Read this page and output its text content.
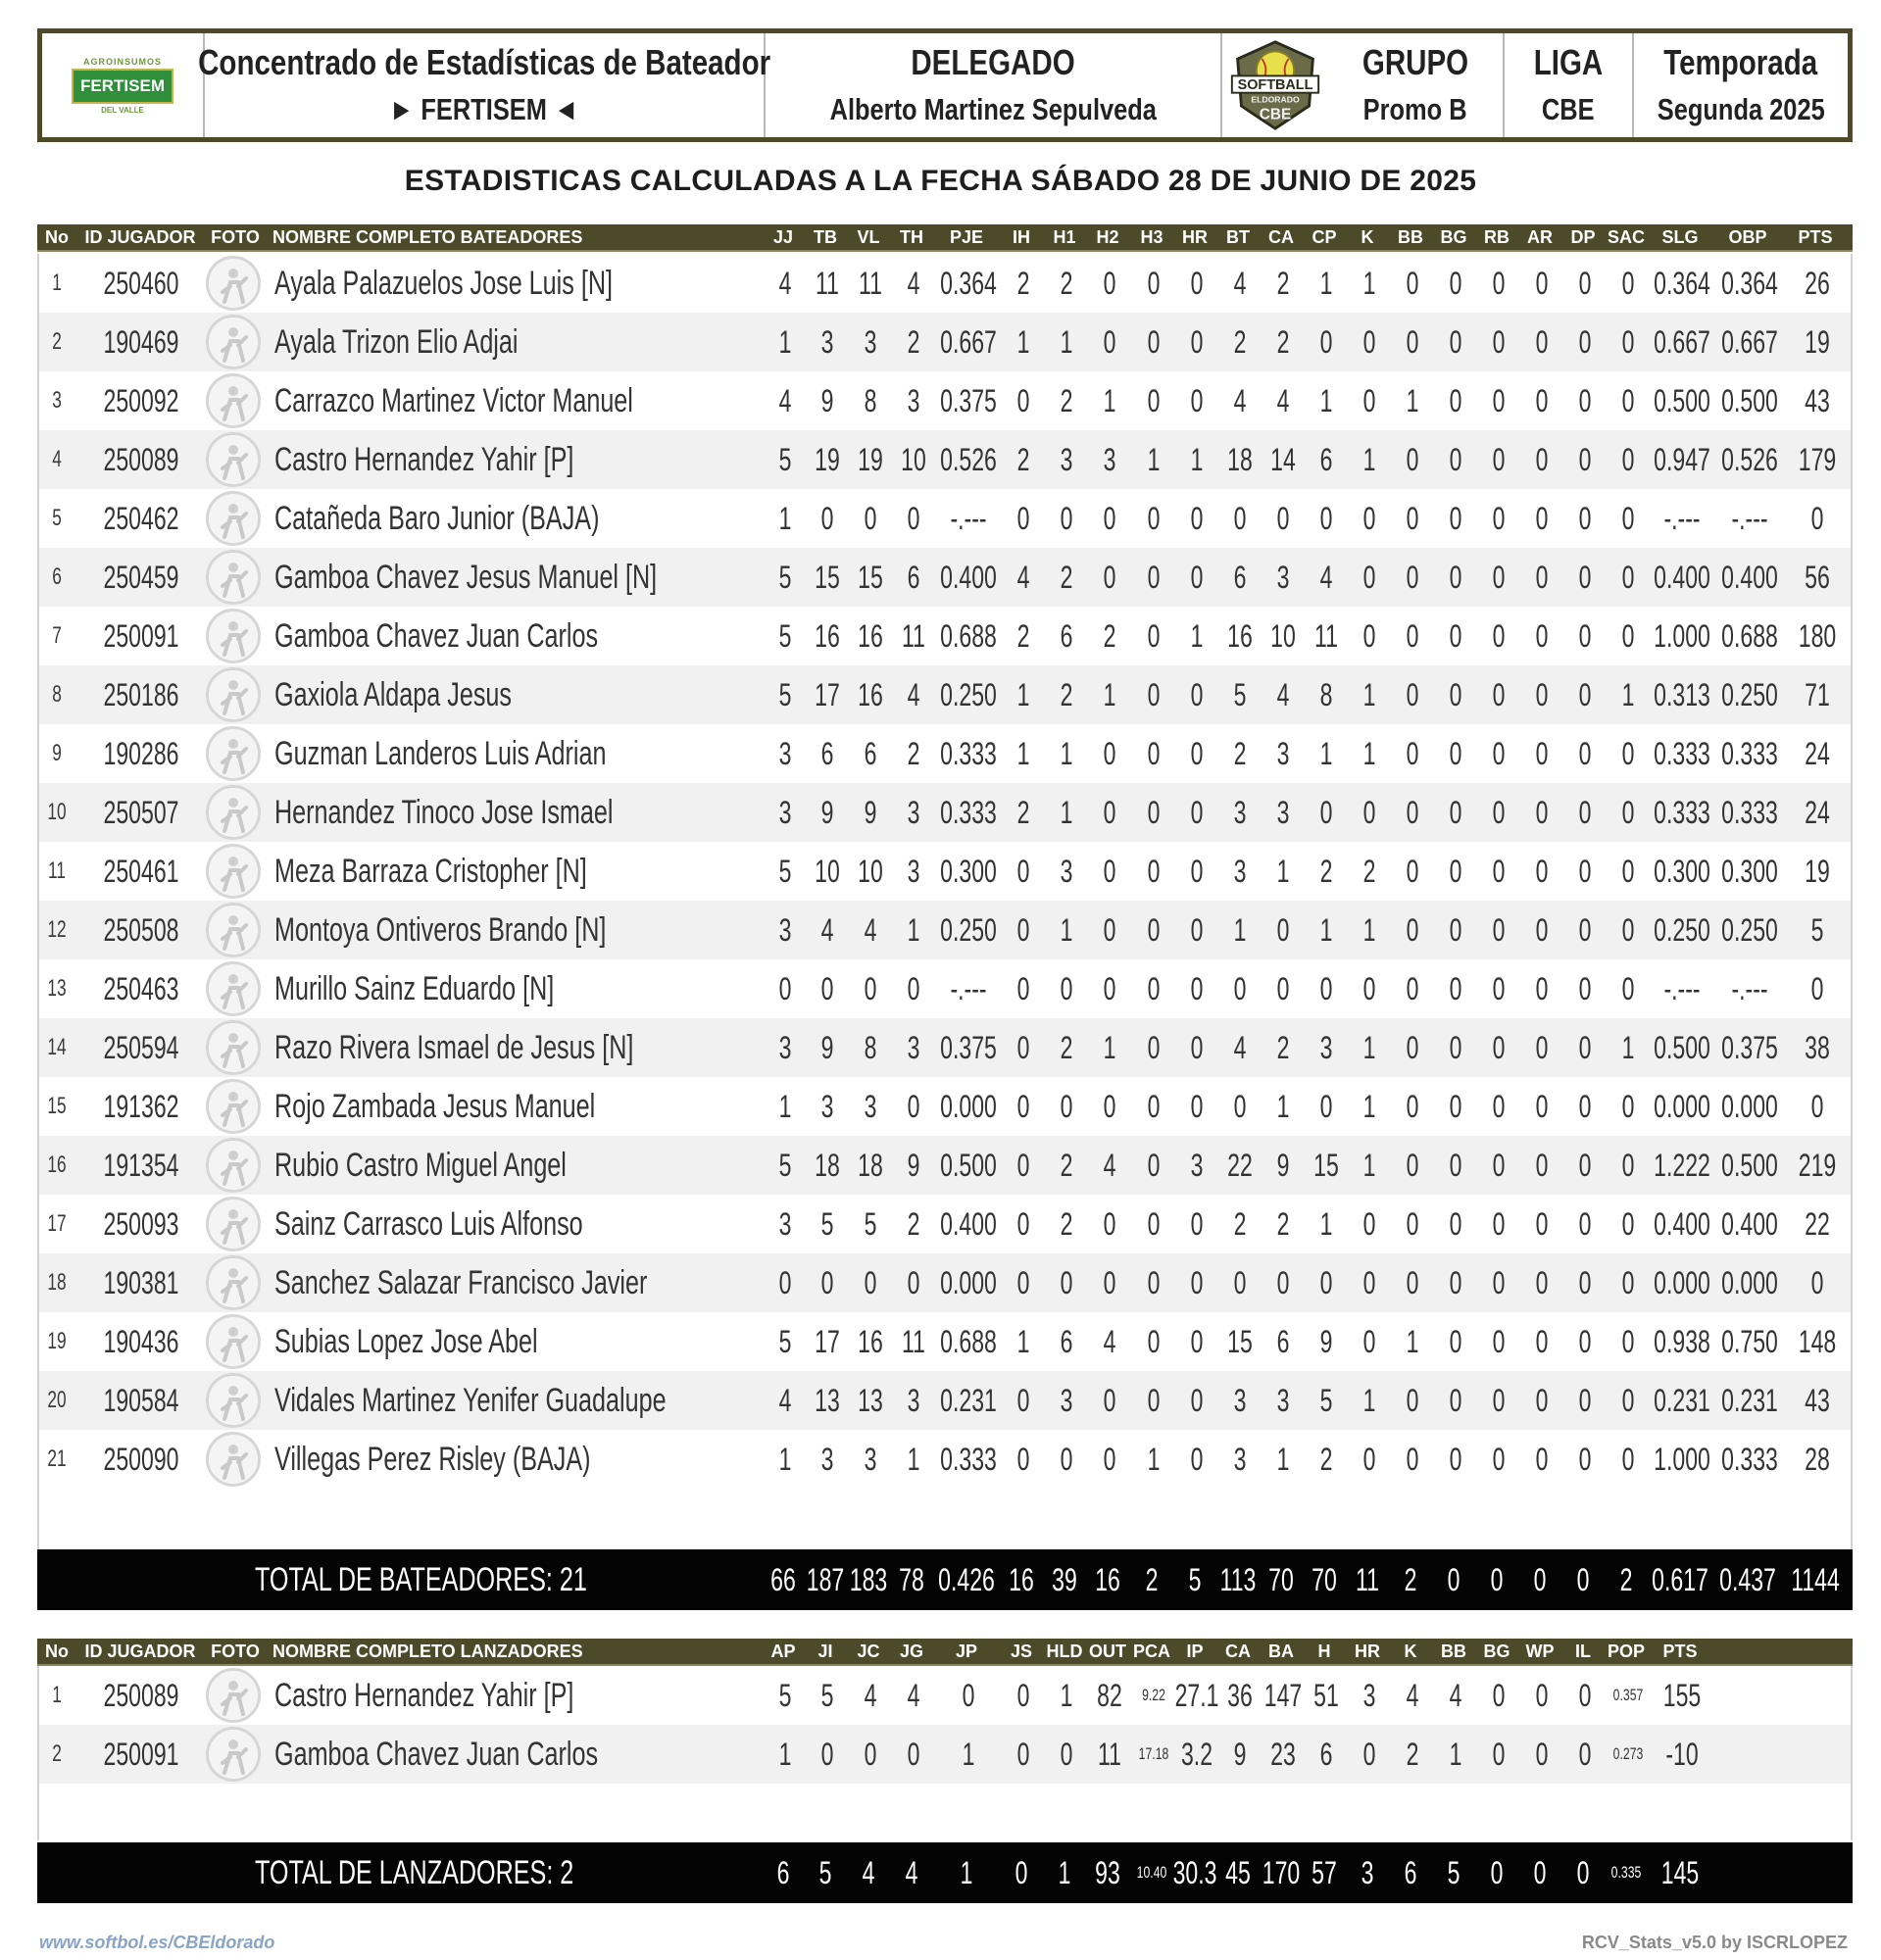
AGROINSUMOS
FERTISEM
DEL VALLE
Concentrado de Estadísticas de Bateador
► FERTISEM ◄
DELEGADO
Alberto Martinez Sepulveda
SOFTBALL
ELDORADO
CBE
GRUPO
Promo B
LIGA
CBE
Temporada
Segunda 2025
ESTADISTICAS CALCULADAS A LA FECHA SÁBADO 28 DE JUNIO DE 2025
No ID JUGADOR FOTO NOMBRE COMPLETO BATEADORES	JJ TB VL TH PJE IH H1 H2 H3 HR BT CA CP K BB BG RB AR DP SAC SLG OBP PTS
1 250460	Ayala Palazuelos Jose Luis [N]	4 11 11 4 0.364 2 2 0 0 0 4 2 1 1 0 0 0 0 0 0 0.364 0.364 26
2 190469	Ayala Trizon Elio Adjai	1 3 3 2 0.667 1 1 0 0 0 2 2 0 0 0 0 0 0 0 0 0.667 0.667 19
3 250092	Carrazco Martinez Victor Manuel	4 9 8 3 0.375 0 2 1 0 0 4 4 1 0 1 0 0 0 0 0 0.500 0.500 43
4 250089	Castro Hernandez Yahir [P]	5 19 19 10 0.526 2 3 3 1 1 18 14 6 1 0 0 0 0 0 0 0.947 0.526 179
5 250462	Catañeda Baro Junior (BAJA)	1 0 0 0 -.--- 0 0 0 0 0 0 0 0 0 0 0 0 0 0 0 -.--- -.--- 0
6 250459	Gamboa Chavez Jesus Manuel [N]	5 15 15 6 0.400 4 2 0 0 0 6 3 4 0 0 0 0 0 0 0 0.400 0.400 56
7 250091	Gamboa Chavez Juan Carlos	5 16 16 11 0.688 2 6 2 0 1 16 10 11 0 0 0 0 0 0 0 1.000 0.688 180
8 250186	Gaxiola Aldapa Jesus	5 17 16 4 0.250 1 2 1 0 0 5 4 8 1 0 0 0 0 0 1 0.313 0.250 71
9 190286	Guzman Landeros Luis Adrian	3 6 6 2 0.333 1 1 0 0 0 2 3 1 1 0 0 0 0 0 0 0.333 0.333 24
10 250507	Hernandez Tinoco Jose Ismael	3 9 9 3 0.333 2 1 0 0 0 3 3 0 0 0 0 0 0 0 0 0.333 0.333 24
11 250461	Meza Barraza Cristopher [N]	5 10 10 3 0.300 0 3 0 0 0 3 1 2 2 0 0 0 0 0 0 0.300 0.300 19
12 250508	Montoya Ontiveros Brando [N]	3 4 4 1 0.250 0 1 0 0 0 1 0 1 1 0 0 0 0 0 0 0.250 0.250 5
13 250463	Murillo Sainz Eduardo [N]	0 0 0 0 -.--- 0 0 0 0 0 0 0 0 0 0 0 0 0 0 0 -.--- -.--- 0
14 250594	Razo Rivera Ismael de Jesus [N]	3 9 8 3 0.375 0 2 1 0 0 4 2 3 1 0 0 0 0 0 1 0.500 0.375 38
15 191362	Rojo Zambada Jesus Manuel	1 3 3 0 0.000 0 0 0 0 0 0 1 0 1 0 0 0 0 0 0 0.000 0.000 0
16 191354	Rubio Castro Miguel Angel	5 18 18 9 0.500 0 2 4 0 3 22 9 15 1 0 0 0 0 0 0 1.222 0.500 219
17 250093	Sainz Carrasco Luis Alfonso	3 5 5 2 0.400 0 2 0 0 0 2 2 1 0 0 0 0 0 0 0 0.400 0.400 22
18 190381	Sanchez Salazar Francisco Javier	0 0 0 0 0.000 0 0 0 0 0 0 0 0 0 0 0 0 0 0 0 0.000 0.000 0
19 190436	Subias Lopez Jose Abel	5 17 16 11 0.688 1 6 4 0 0 15 6 9 0 1 0 0 0 0 0 0.938 0.750 148
20 190584	Vidales Martinez Yenifer Guadalupe	4 13 13 3 0.231 0 3 0 0 0 3 3 5 1 0 0 0 0 0 0 0.231 0.231 43
21 250090	Villegas Perez Risley (BAJA)	1 3 3 1 0.333 0 0 0 1 0 3 1 2 0 0 0 0 0 0 0 1.000 0.333 28
TOTAL DE BATEADORES: 21	66 187 183 78 0.426 16 39 16 2 5 113 70 70 11 2 0 0 0 0 2 0.617 0.437 1144
No ID JUGADOR FOTO NOMBRE COMPLETO LANZADORES	AP JI JC JG JP JS HLD OUT PCA IP CA BA H HR K BB BG WP IL POP PTS
1 250089	Castro Hernandez Yahir [P]	5 5 4 4 0 0 1 82 9.22 27.1 36 147 51 3 4 4 0 0 0 0.357 155
2 250091	Gamboa Chavez Juan Carlos	1 0 0 0 1 0 0 11 17.18 3.2 9 23 6 0 2 1 0 0 0 0.273 -10
TOTAL DE LANZADORES: 2	6 5 4 4 1 0 1 93 10.40 30.3 45 170 57 3 6 5 0 0 0 0.335 145
www.softbol.es/CBEldorado	RCV_Stats_v5.0 by ISCRLOPEZ
